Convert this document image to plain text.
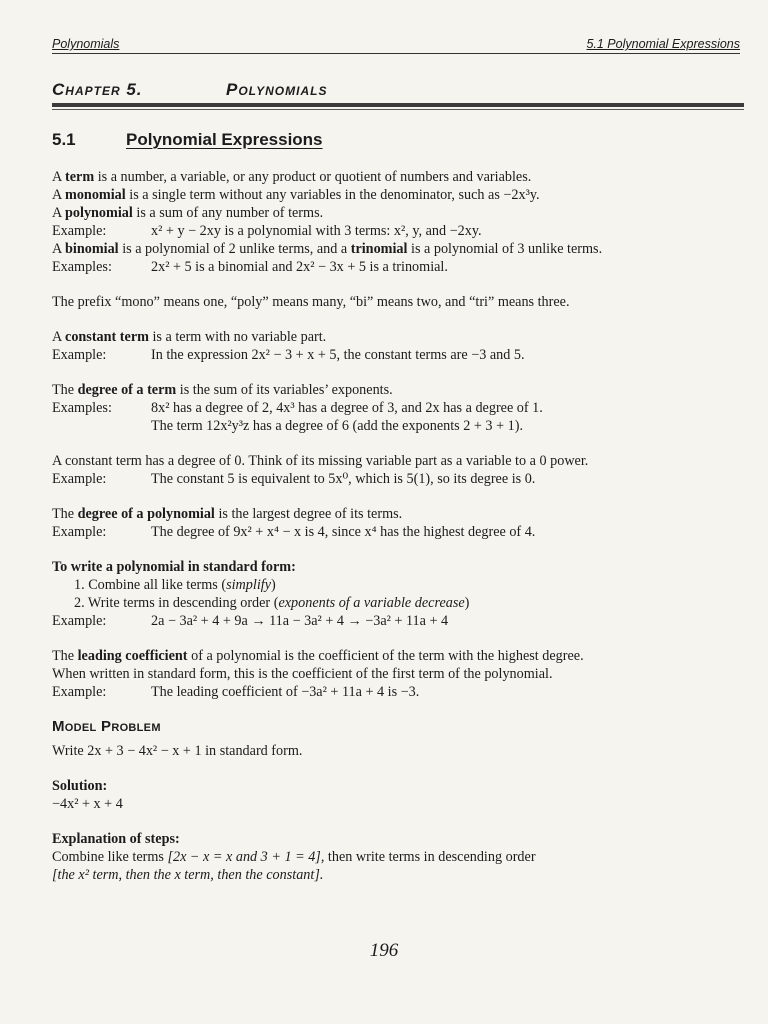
Polynomials	5.1 Polynomial Expressions
Chapter 5.	Polynomials
5.1	Polynomial Expressions

A term is a number, a variable, or any product or quotient of numbers and variables.

A monomial is a single term without any variables in the denominator, such as −2x³y.

A polynomial is a sum of any number of terms.

Example:	x² + y − 2xy is a polynomial with 3 terms: x², y, and −2xy.

A binomial is a polynomial of 2 unlike terms, and a trinomial is a polynomial of 3 unlike terms.

Examples:	2x² + 5 is a binomial and 2x² − 3x + 5 is a trinomial.

The prefix “mono” means one, “poly” means many, “bi” means two, and “tri” means three.

A constant term is a term with no variable part.

Example:	In the expression 2x² − 3 + x + 5, the constant terms are −3 and 5.

The degree of a term is the sum of its variables’ exponents.

Examples:	8x² has a degree of 2, 4x³ has a degree of 3, and 2x has a degree of 1.

The term 12x²y³z has a degree of 6 (add the exponents 2 + 3 + 1).

A constant term has a degree of 0. Think of its missing variable part as a variable to a 0 power.

Example:	The constant 5 is equivalent to 5x⁰, which is 5(1), so its degree is 0.

The degree of a polynomial is the largest degree of its terms.

Example:	The degree of 9x² + x⁴ − x is 4, since x⁴ has the highest degree of 4.

To write a polynomial in standard form:

1. Combine all like terms (simplify)
2. Write terms in descending order (exponents of a variable decrease)

Example:	2a − 3a² + 4 + 9a → 11a − 3a² + 4 → −3a² + 11a + 4

The leading coefficient of a polynomial is the coefficient of the term with the highest degree.

When written in standard form, this is the coefficient of the first term of the polynomial.

Example:	The leading coefficient of −3a² + 11a + 4 is −3.

Model Problem

Write 2x + 3 − 4x² − x + 1 in standard form.

Solution:

−4x² + x + 4

Explanation of steps:

Combine like terms [2x − x = x and 3 + 1 = 4], then write terms in descending order

[the x² term, then the x term, then the constant].

196
